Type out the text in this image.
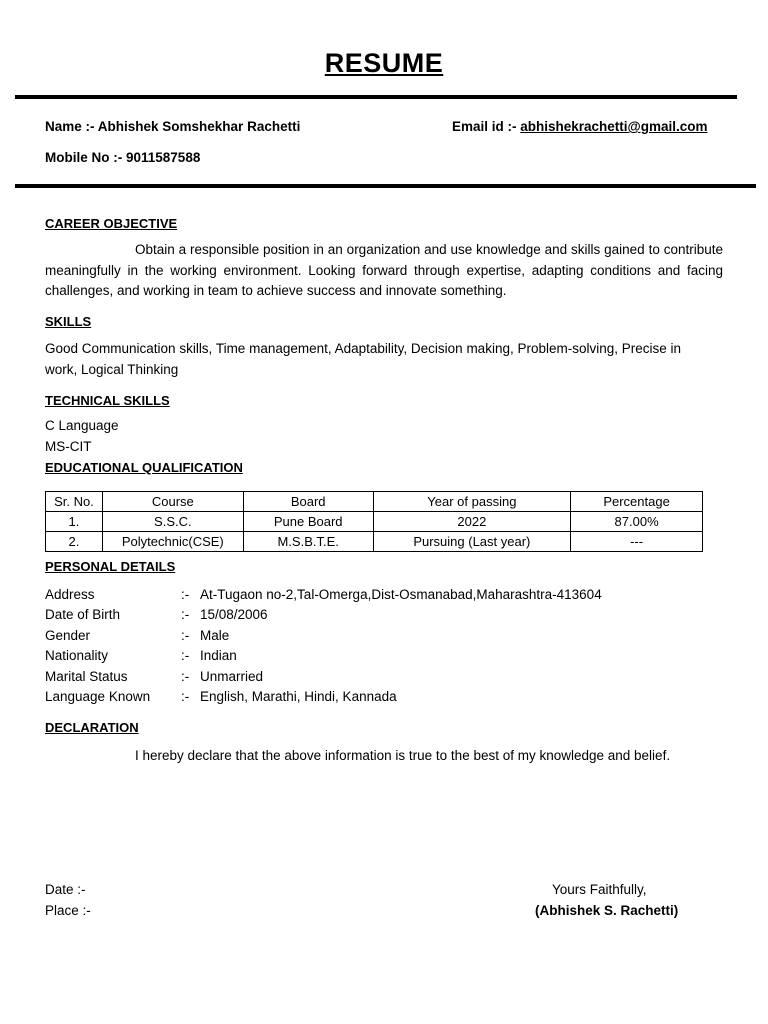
RESUME
Name :- Abhishek Somshekhar Rachetti	Email id :- abhishekrachetti@gmail.com
Mobile No :- 9011587588
CAREER OBJECTIVE
Obtain a responsible position in an organization and use knowledge and skills gained to contribute meaningfully in the working environment. Looking forward through expertise, adapting conditions and facing challenges, and working in team to achieve success and innovate something.
SKILLS
Good Communication skills, Time management, Adaptability, Decision making, Problem-solving, Precise in work, Logical Thinking
TECHNICAL SKILLS
C Language
MS-CIT
EDUCATIONAL QUALIFICATION
Sr. No.	Course	Board	Year of passing	Percentage
1.	S.S.C.	Pune Board	2022	87.00%
2.	Polytechnic(CSE)	M.S.B.T.E.	Pursuing (Last year)	---
PERSONAL DETAILS
Address	:- At-Tugaon no-2,Tal-Omerga,Dist-Osmanabad,Maharashtra-413604
Date of Birth	:- 15/08/2006
Gender	:- Male
Nationality	:- Indian
Marital Status	:- Unmarried
Language Known	:- English, Marathi, Hindi, Kannada
DECLARATION
I hereby declare that the above information is true to the best of my knowledge and belief.
Date :-
Place :-
Yours Faithfully,
(Abhishek S. Rachetti)
